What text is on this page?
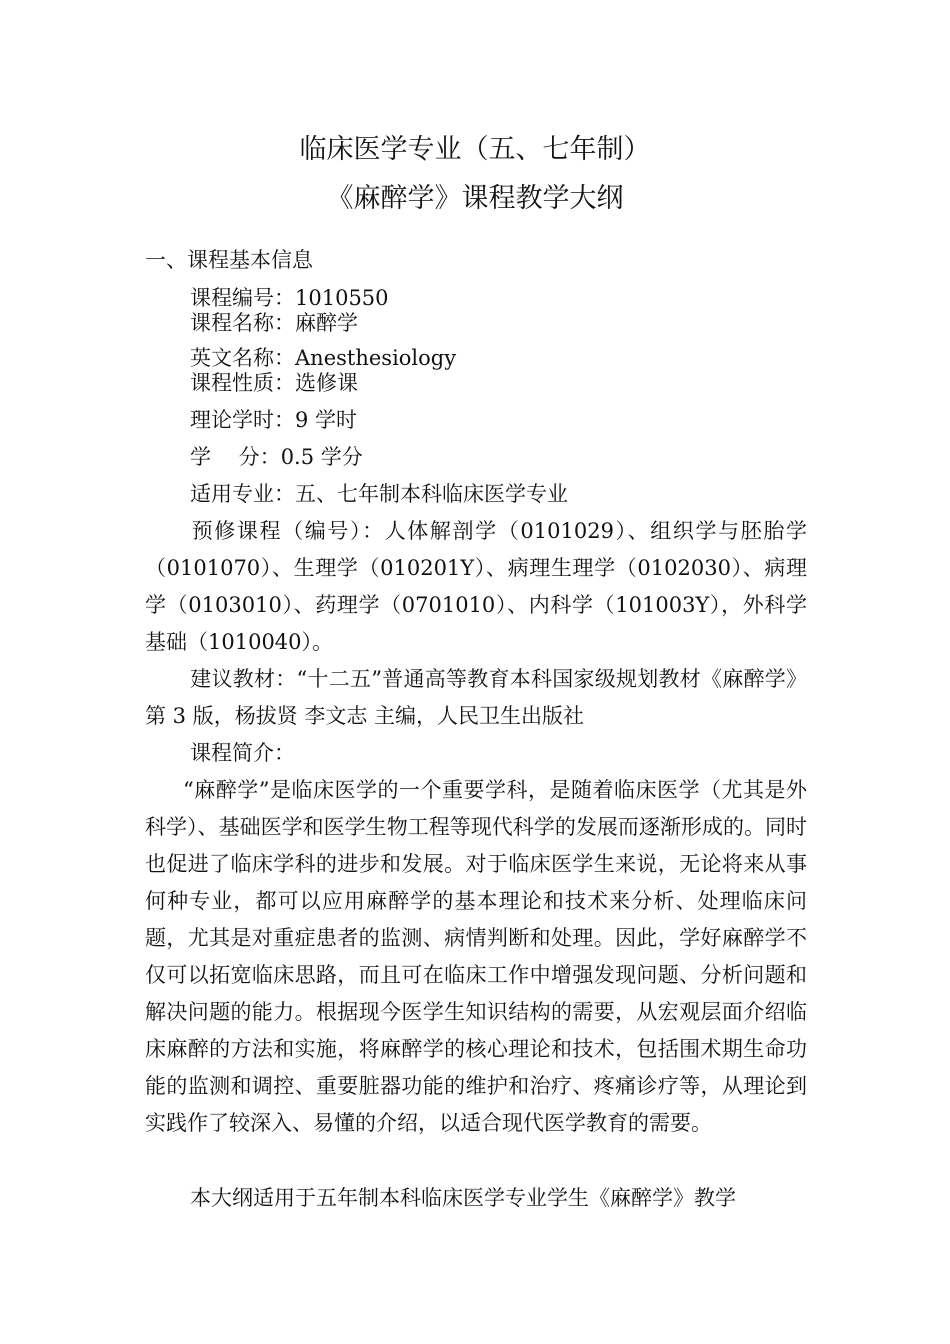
临床医学专业（五、七年制）
《麻醉学》课程教学大纲
一、课程基本信息
课程编号：1010550
课程名称：麻醉学
英文名称：Anesthesiology
课程性质：选修课
理论学时：9 学时
学　 分：0.5 学分
适用专业：五、七年制本科临床医学专业
预修课程（编号）：人体解剖学（0101029）、组织学与胚胎学（0101070）、生理学（010201Y）、病理生理学（0102030）、病理学（0103010）、药理学（0701010）、内科学（101003Y），外科学基础（1010040）。
建议教材：“十二五”普通高等教育本科国家级规划教材《麻醉学》第 3 版，杨拔贤 李文志 主编，人民卫生出版社
课程简介：
“麻醉学”是临床医学的一个重要学科，是随着临床医学（尤其是外科学）、基础医学和医学生物工程等现代科学的发展而逐渐形成的。同时也促进了临床学科的进步和发展。对于临床医学生来说，无论将来从事何种专业，都可以应用麻醉学的基本理论和技术来分析、处理临床问题，尤其是对重症患者的监测、病情判断和处理。因此，学好麻醉学不仅可以拓宽临床思路，而且可在临床工作中增强发现问题、分析问题和解决问题的能力。根据现今医学生知识结构的需要，从宏观层面介绍临床麻醉的方法和实施，将麻醉学的核心理论和技术，包括围术期生命功能的监测和调控、重要脏器功能的维护和治疗、疼痛诊疗等，从理论到实践作了较深入、易懂的介绍，以适合现代医学教育的需要。
本大纲适用于五年制本科临床医学专业学生《麻醉学》教学
